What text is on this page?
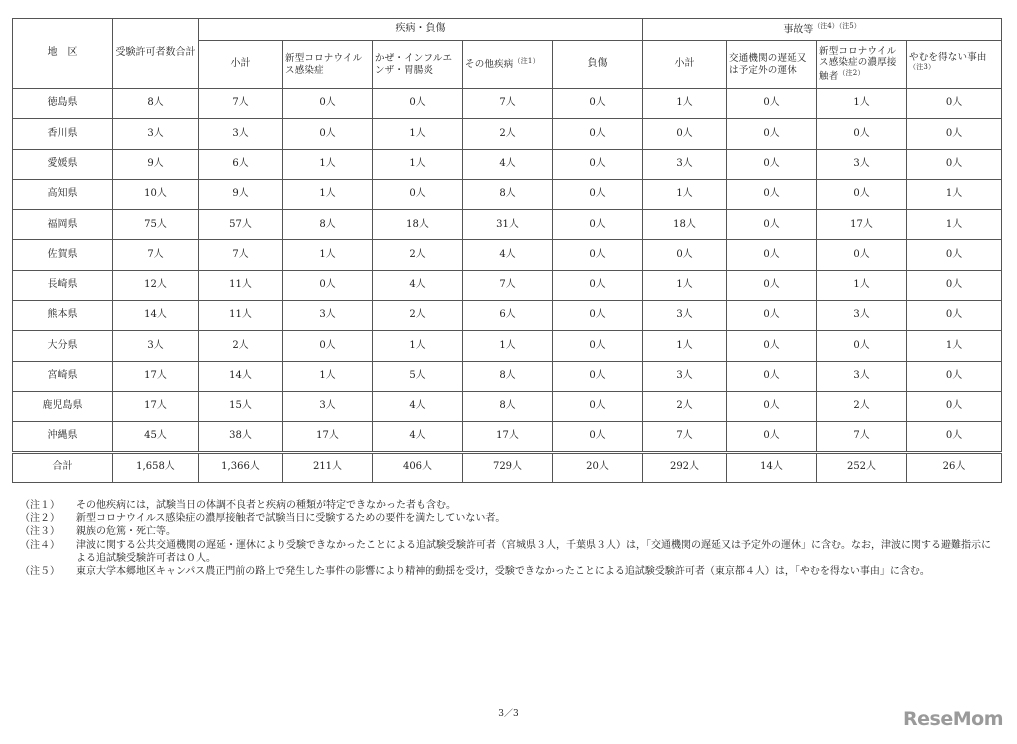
地　区	受験許可者数合計	疾病・負傷					事故等$^{(注4)(注5)}$
		小計	新型コロナウイルス感染症	かぜ・インフルエンザ・胃腸炎	その他疾病$^{(注1)}$	負傷	小計	交通機関の遅延又は予定外の運休	新型コロナウイルス感染症の濃厚接触者$^{(注2)}$	やむを得ない事由$^{(注3)}$
徳島県	8人	7人	0人	0人	7人	0人	1人	0人	1人	0人
香川県	3人	3人	0人	1人	2人	0人	0人	0人	0人	0人
愛媛県	9人	6人	1人	1人	4人	0人	3人	0人	3人	0人
高知県	10人	9人	1人	0人	8人	0人	1人	0人	0人	1人
福岡県	75人	57人	8人	18人	31人	0人	18人	0人	17人	1人
佐賀県	7人	7人	1人	2人	4人	0人	0人	0人	0人	0人
長崎県	12人	11人	0人	4人	7人	0人	1人	0人	1人	0人
熊本県	14人	11人	3人	2人	6人	0人	3人	0人	3人	0人
大分県	3人	2人	0人	1人	1人	0人	1人	0人	0人	1人
宮崎県	17人	14人	1人	5人	8人	0人	3人	0人	3人	0人
鹿児島県	17人	15人	3人	4人	8人	0人	2人	0人	2人	0人
沖縄県	45人	38人	17人	4人	17人	0人	7人	0人	7人	0人
合計	1,658人	1,366人	211人	406人	729人	20人	292人	14人	252人	26人
（注１）	その他疾病には，試験当日の体調不良者と疾病の種類が特定できなかった者も含む。
（注２）	新型コロナウイルス感染症の濃厚接触者で試験当日に受験するための要件を満たしていない者。
（注３）	親族の危篤・死亡等。
（注４）	津波に関する公共交通機関の遅延・運休により受験できなかったことによる追試験受験許可者（宮城県３人，千葉県３人）は，「交通機関の遅延又は予定外の運休」に含む。なお，津波に関する避難指示による追試験受験許可者は０人。
（注５）	東京大学本郷地区キャンパス農正門前の路上で発生した事件の影響により精神的動揺を受け，受験できなかったことによる追試験受験許可者（東京都４人）は，「やむを得ない事由」に含む。
3／3	ReseMom
